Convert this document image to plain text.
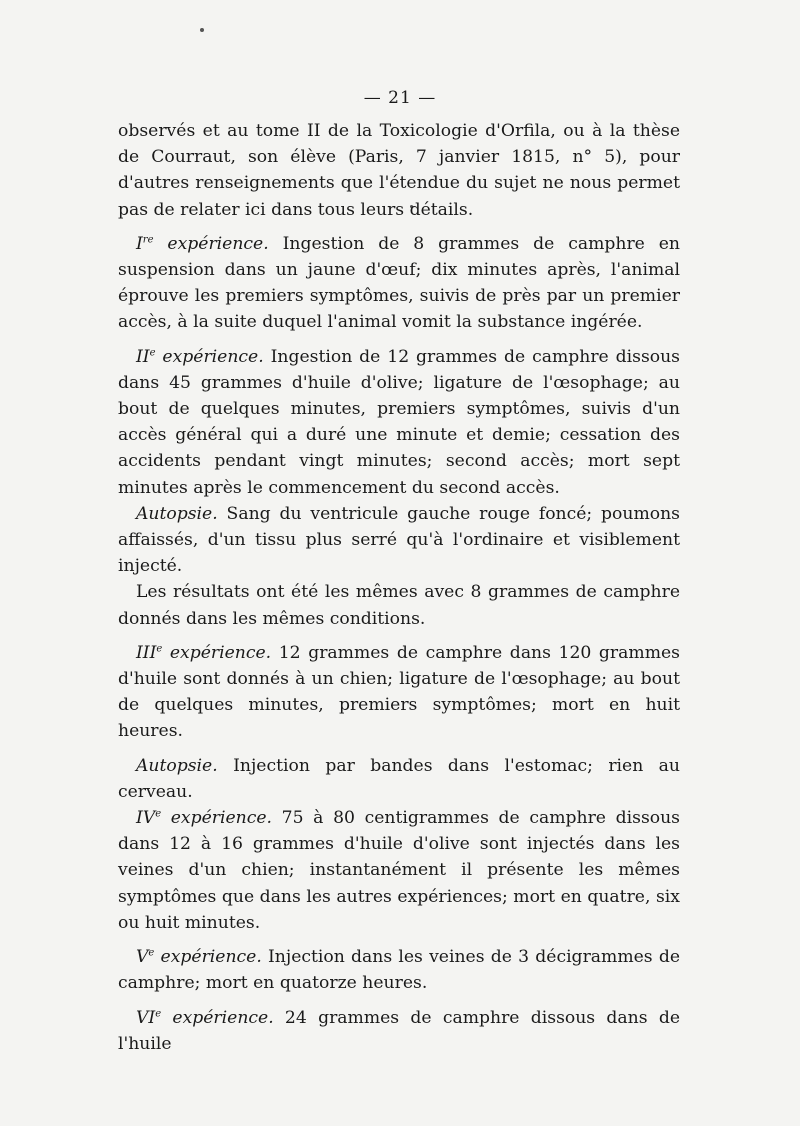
— 21 —

observés et au tome II de la Toxicologie d'Orfila, ou à la thèse de Courraut, son élève (Paris, 7 janvier 1815, n° 5), pour d'autres renseignements que l'étendue du sujet ne nous permet pas de relater ici dans tous leurs détails.

Ire expérience. Ingestion de 8 grammes de camphre en suspension dans un jaune d'œuf; dix minutes après, l'animal éprouve les premiers symptômes, suivis de près par un premier accès, à la suite duquel l'animal vomit la substance ingérée.

IIe expérience. Ingestion de 12 grammes de camphre dissous dans 45 grammes d'huile d'olive; ligature de l'œsophage; au bout de quelques minutes, premiers symptômes, suivis d'un accès général qui a duré une minute et demie; cessation des accidents pendant vingt minutes; second accès; mort sept minutes après le commencement du second accès.

Autopsie. Sang du ventricule gauche rouge foncé; poumons affaissés, d'un tissu plus serré qu'à l'ordinaire et visiblement injecté.

Les résultats ont été les mêmes avec 8 grammes de camphre donnés dans les mêmes conditions.

IIIe expérience. 12 grammes de camphre dans 120 grammes d'huile sont donnés à un chien; ligature de l'œsophage; au bout de quelques minutes, premiers symptômes; mort en huit heures.

Autopsie. Injection par bandes dans l'estomac; rien au cerveau.

IVe expérience. 75 à 80 centigrammes de camphre dissous dans 12 à 16 grammes d'huile d'olive sont injectés dans les veines d'un chien; instantanément il présente les mêmes symptômes que dans les autres expériences; mort en quatre, six ou huit minutes.

Ve expérience. Injection dans les veines de 3 décigrammes de camphre; mort en quatorze heures.

VIe expérience. 24 grammes de camphre dissous dans de l'huile
